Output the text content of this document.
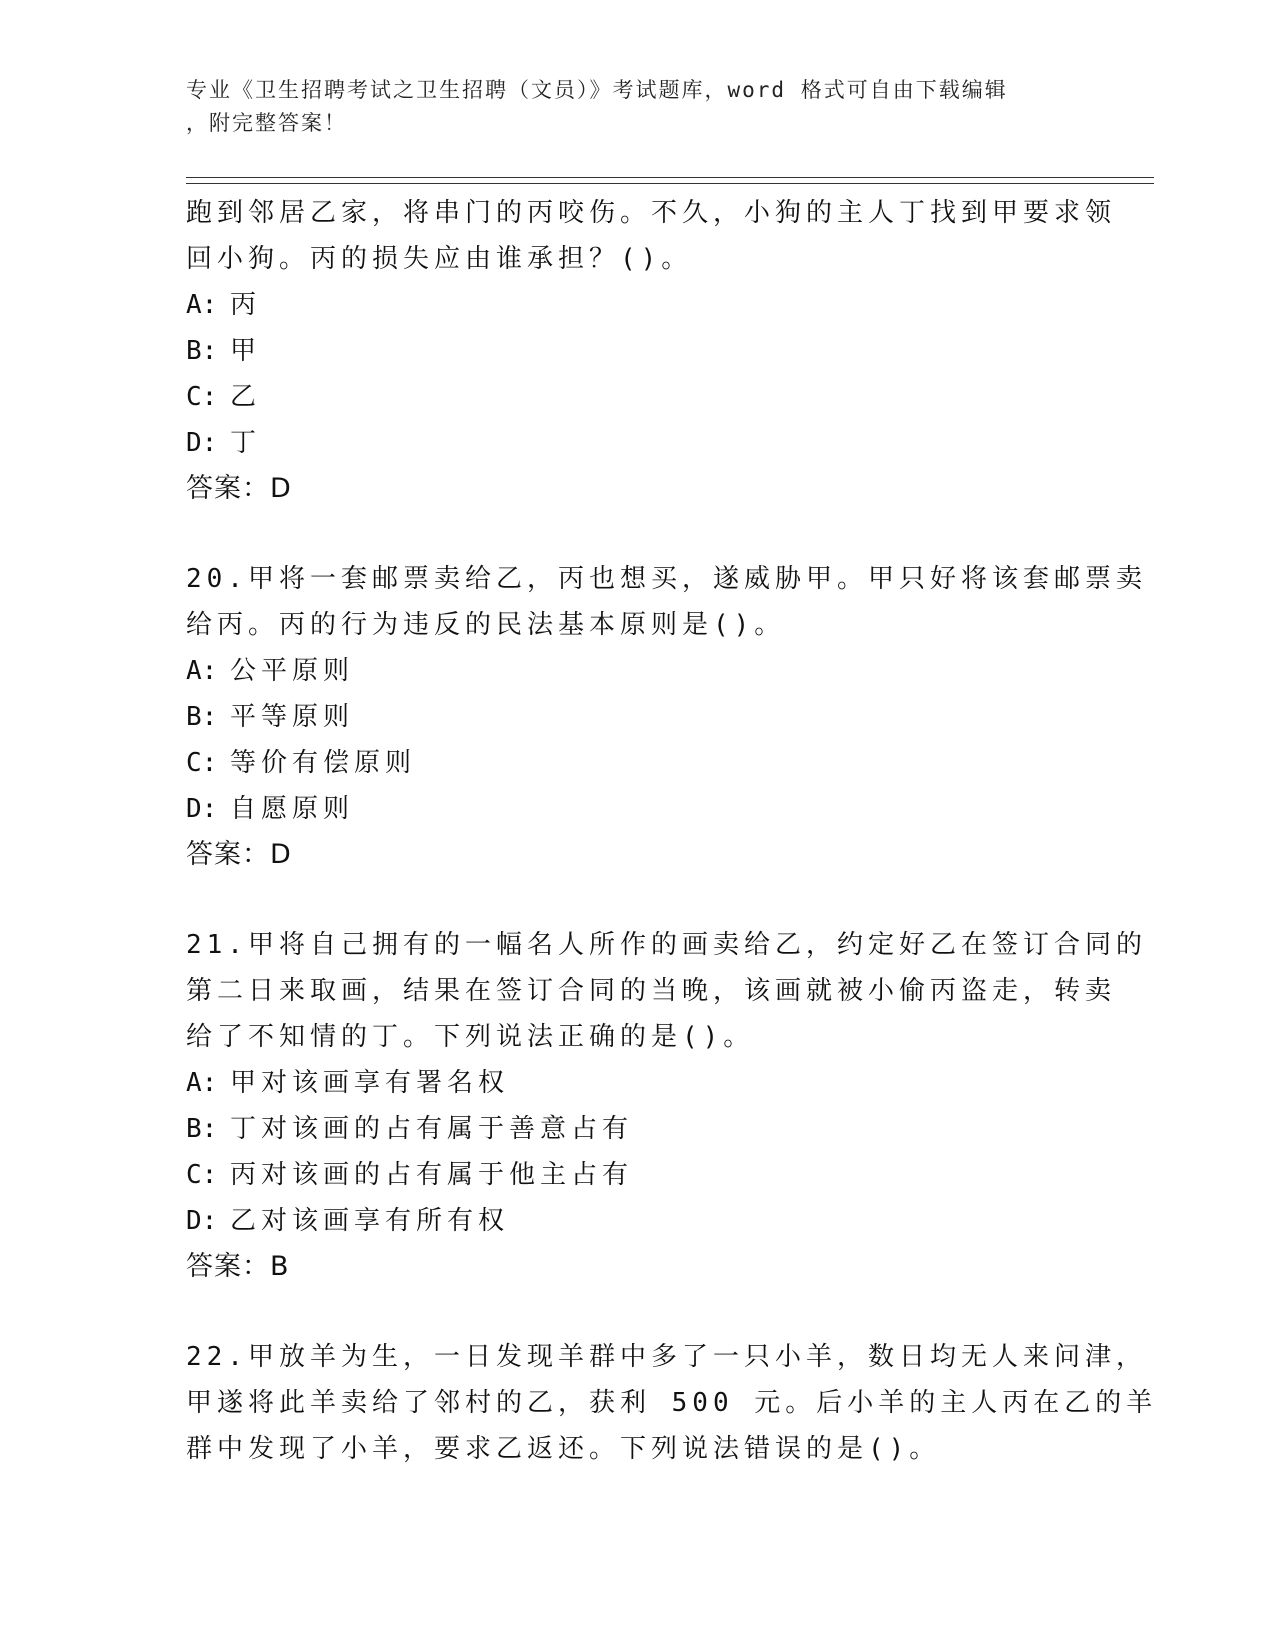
专业《卫生招聘考试之卫生招聘（文员）》考试题库，word 格式可自由下载编辑
，附完整答案！
跑到邻居乙家，将串门的丙咬伤。不久，小狗的主人丁找到甲要求领
回小狗。丙的损失应由谁承担？()。
A: 丙
B: 甲
C: 乙
D: 丁
答案：D
20.甲将一套邮票卖给乙，丙也想买，遂威胁甲。甲只好将该套邮票卖
给丙。丙的行为违反的民法基本原则是()。
A: 公平原则
B: 平等原则
C: 等价有偿原则
D: 自愿原则
答案：D
21.甲将自己拥有的一幅名人所作的画卖给乙，约定好乙在签订合同的
第二日来取画，结果在签订合同的当晚，该画就被小偷丙盗走，转卖
给了不知情的丁。下列说法正确的是()。
A: 甲对该画享有署名权
B: 丁对该画的占有属于善意占有
C: 丙对该画的占有属于他主占有
D: 乙对该画享有所有权
答案：B
22.甲放羊为生，一日发现羊群中多了一只小羊，数日均无人来问津，
甲遂将此羊卖给了邻村的乙，获利 500 元。后小羊的主人丙在乙的羊
群中发现了小羊，要求乙返还。下列说法错误的是()。
